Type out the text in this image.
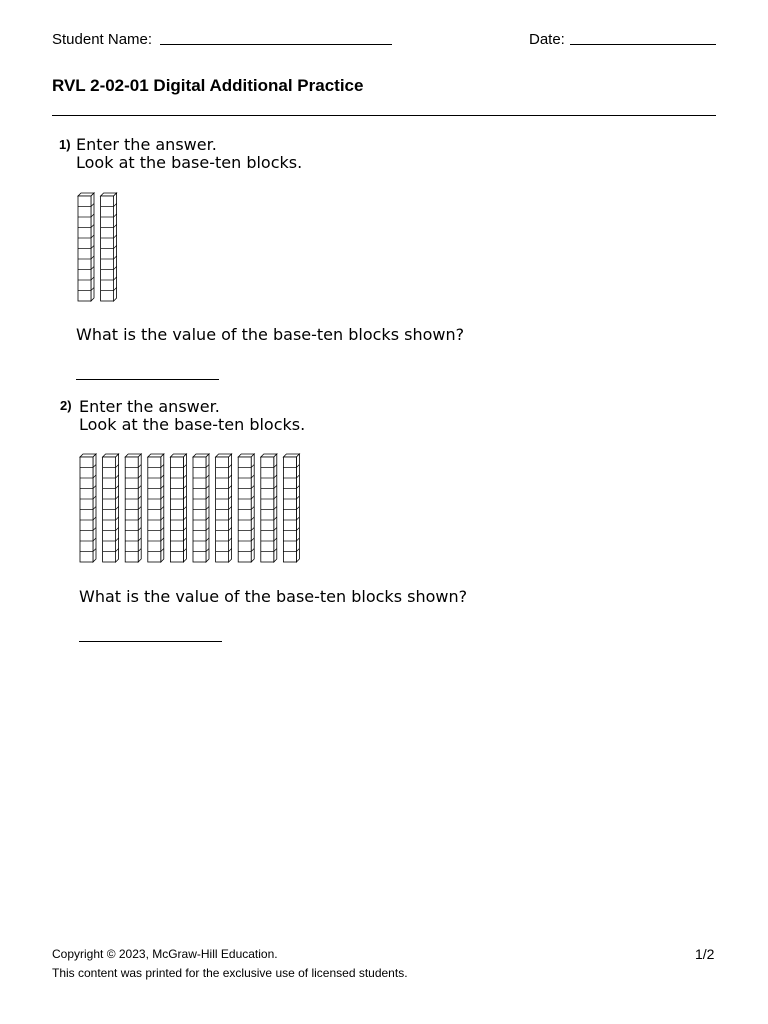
Student Name:	Date:
RVL 2-02-01 Digital Additional Practice
1) Enter the answer.
Look at the base-ten blocks.
What is the value of the base-ten blocks shown?
2) Enter the answer.
Look at the base-ten blocks.
What is the value of the base-ten blocks shown?
Copyright © 2023, McGraw-Hill Education.
This content was printed for the exclusive use of licensed students.
1/2
